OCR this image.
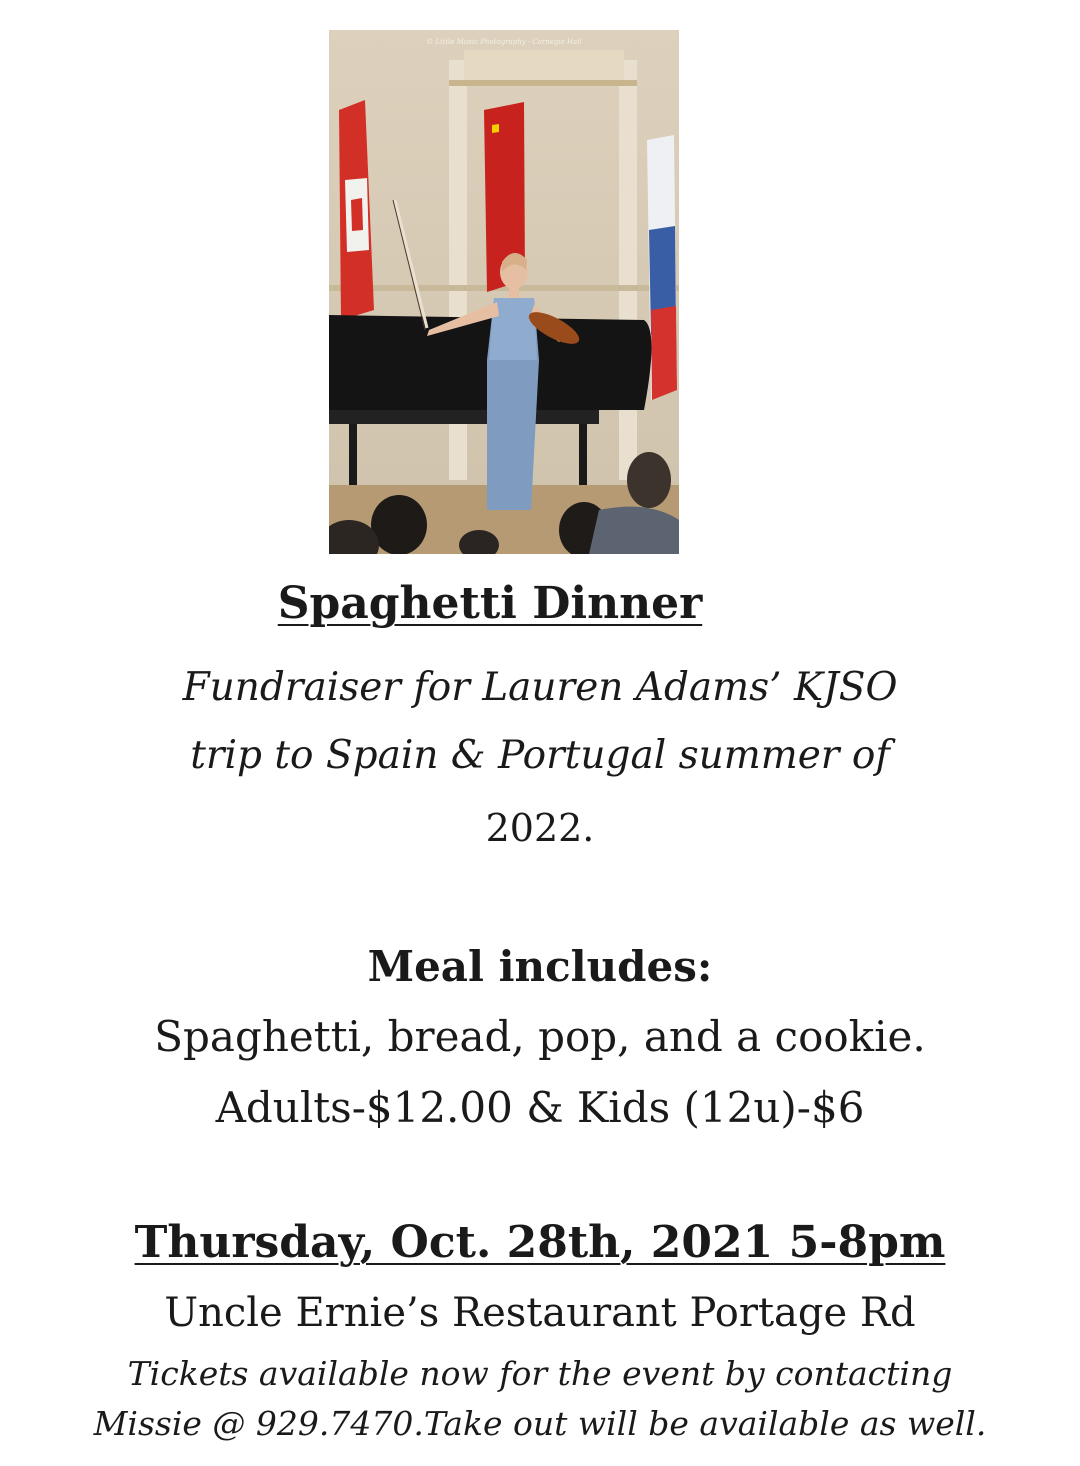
© Little Music Photography · Carnegie Hall
Spaghetti Dinner
Fundraiser for Lauren Adams’ KJSO
trip to Spain & Portugal summer of
2022.
Meal includes:
Spaghetti, bread, pop, and a cookie.
Adults-$12.00 & Kids (12u)-$6
Thursday, Oct. 28th, 2021 5-8pm
Uncle Ernie’s Restaurant Portage Rd
Tickets available now for the event by contacting
Missie @ 929.7470.Take out will be available as well.
